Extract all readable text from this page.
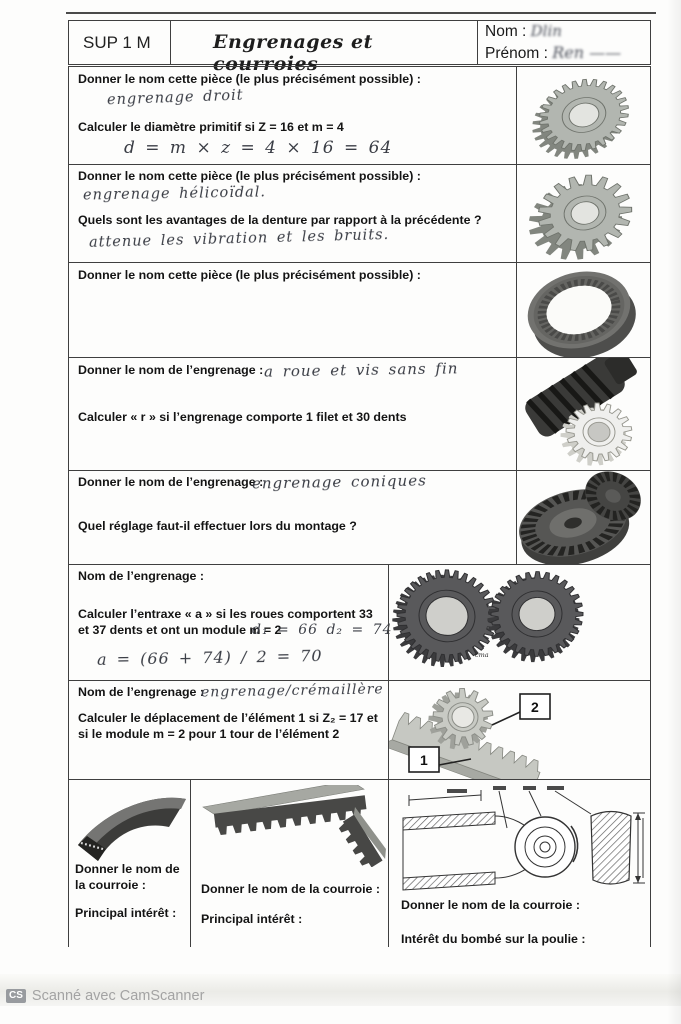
SUP 1 M	Engrenages et courroies
Nom : Dlin
Prénom : Ren ——
Donner le nom cette pièce (le plus précisément possible) :
engrenage droit
Calculer le diamètre primitif si Z = 16 et m = 4
d = m × z = 4 × 16 = 64
Donner le nom cette pièce (le plus précisément possible) :
engrenage hélicoïdal.
Quels sont les avantages de la denture par rapport à la précédente ?
attenue les vibration et les bruits.
Donner le nom cette pièce (le plus précisément possible) :
Donner le nom de l’engrenage : a roue et vis sans fin
Calculer « r » si l’engrenage comporte 1 filet et 30 dents
Donner le nom de l’engrenage :
engrenage coniques
Quel réglage faut-il effectuer lors du montage ?
Nom de l’engrenage :
Calculer l’entraxe « a » si les roues comportent 33 et 37 dents et ont un module m = 2
d₁ = 66 d₂ = 74
a = (66 + 74) / 2 = 70	cma
Nom de l’engrenage :
engrenage/crémaillère
Calculer le déplacement de l’élément 1 si Z₂ = 17 et si le module m = 2 pour 1 tour de l’élément 2
2
1
Donner le nom de la courroie :
Principal intérêt :
Donner le nom de la courroie :
Principal intérêt :
Donner le nom de la courroie :
Intérêt du bombé sur la poulie :
CS Scanné avec CamScanner
